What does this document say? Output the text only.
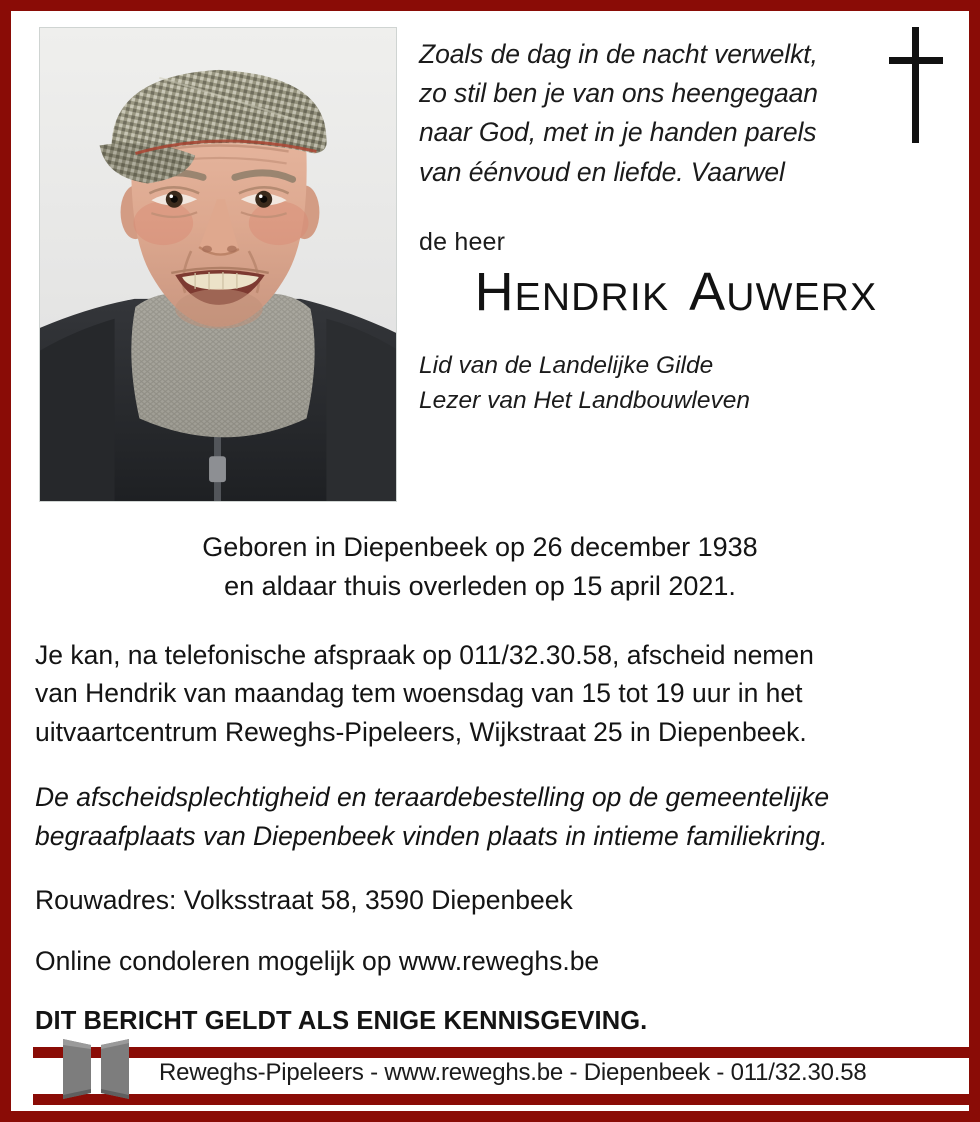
Zoals de dag in de nacht verwelkt,
zo stil ben je van ons heengegaan
naar God, met in je handen parels
van éénvoud en liefde. Vaarwel
de heer
HENDRIK AUWERX
Lid van de Landelijke Gilde
Lezer van Het Landbouwleven
Geboren in Diepenbeek op 26 december 1938
en aldaar thuis overleden op 15 april 2021.
Je kan, na telefonische afspraak op 011/32.30.58, afscheid nemen
van Hendrik van maandag tem woensdag van 15 tot 19 uur in het
uitvaartcentrum Reweghs-Pipeleers, Wijkstraat 25 in Diepenbeek.
De afscheidsplechtigheid en teraardebestelling op de gemeentelijke
begraafplaats van Diepenbeek vinden plaats in intieme familiekring.
Rouwadres: Volksstraat 58, 3590 Diepenbeek
Online condoleren mogelijk op www.reweghs.be
DIT BERICHT GELDT ALS ENIGE KENNISGEVING.
Reweghs-Pipeleers - www.reweghs.be - Diepenbeek - 011/32.30.58
